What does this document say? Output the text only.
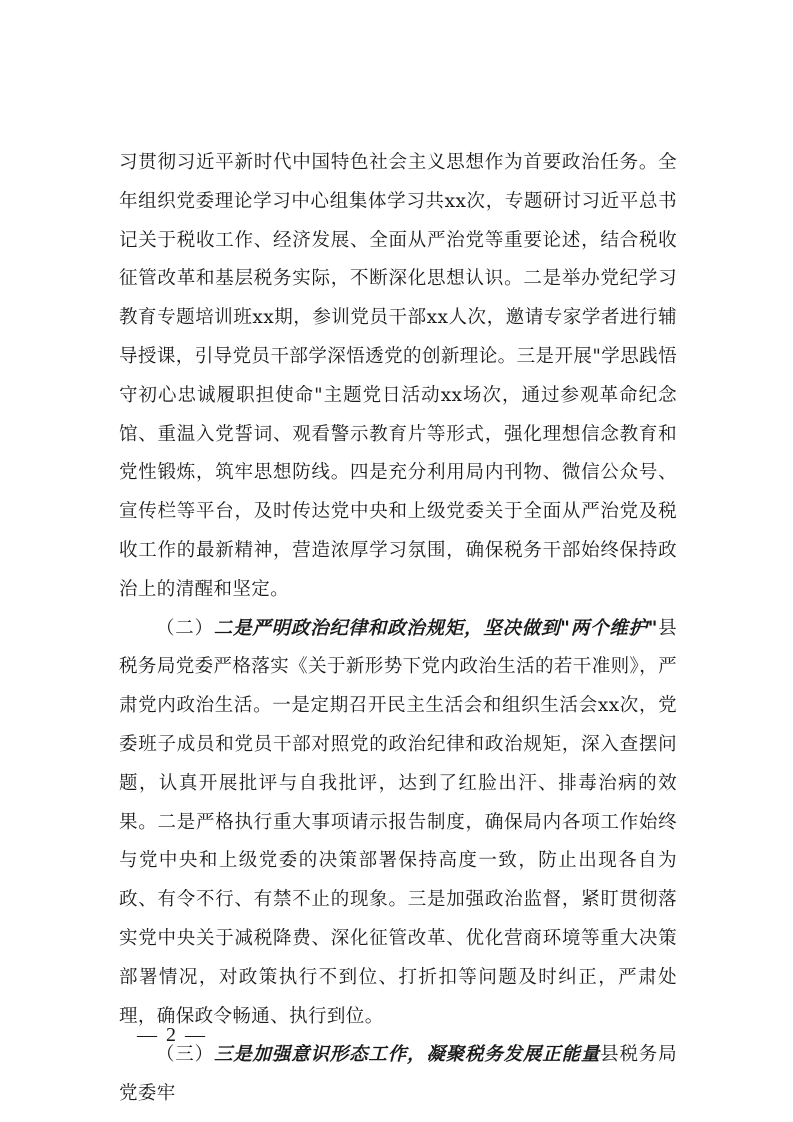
习贯彻习近平新时代中国特色社会主义思想作为首要政治任务。全年组织党委理论学习中心组集体学习共xx次，专题研讨习近平总书记关于税收工作、经济发展、全面从严治党等重要论述，结合税收征管改革和基层税务实际，不断深化思想认识。二是举办党纪学习教育专题培训班xx期，参训党员干部xx人次，邀请专家学者进行辅导授课，引导党员干部学深悟透党的创新理论。三是开展"学思践悟守初心忠诚履职担使命"主题党日活动xx场次，通过参观革命纪念馆、重温入党誓词、观看警示教育片等形式，强化理想信念教育和党性锻炼，筑牢思想防线。四是充分利用局内刊物、微信公众号、宣传栏等平台，及时传达党中央和上级党委关于全面从严治党及税收工作的最新精神，营造浓厚学习氛围，确保税务干部始终保持政治上的清醒和坚定。

（二）二是严明政治纪律和政治规矩，坚决做到"两个维护"县税务局党委严格落实《关于新形势下党内政治生活的若干准则》，严肃党内政治生活。一是定期召开民主生活会和组织生活会xx次，党委班子成员和党员干部对照党的政治纪律和政治规矩，深入查摆问题，认真开展批评与自我批评，达到了红脸出汗、排毒治病的效果。二是严格执行重大事项请示报告制度，确保局内各项工作始终与党中央和上级党委的决策部署保持高度一致，防止出现各自为政、有令不行、有禁不止的现象。三是加强政治监督，紧盯贯彻落实党中央关于减税降费、深化征管改革、优化营商环境等重大决策部署情况，对政策执行不到位、打折扣等问题及时纠正，严肃处理，确保政令畅通、执行到位。

（三）三是加强意识形态工作，凝聚税务发展正能量县税务局党委牢

— 2 —
